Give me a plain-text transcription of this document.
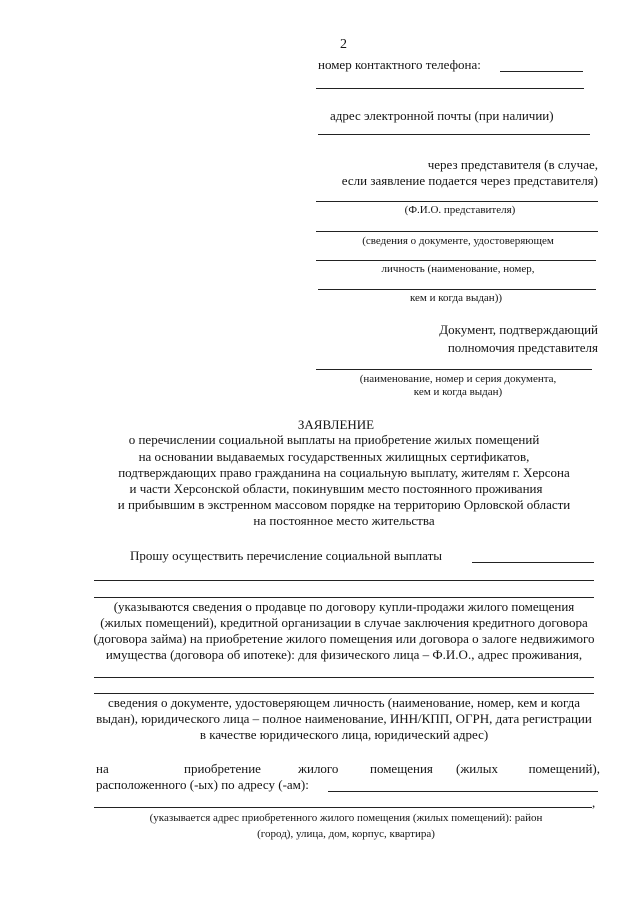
2
номер контактного телефона:
адрес электронной почты (при наличии)
через представителя (в случае,
если заявление подается через представителя)
(Ф.И.О. представителя)
(сведения о документе, удостоверяющем
личность (наименование, номер,
кем и когда выдан))
Документ, подтверждающий
полномочия представителя
(наименование, номер и серия документа,
кем и когда выдан)
ЗАЯВЛЕНИЕ
о перечислении социальной выплаты на приобретение жилых помещений
на основании выдаваемых государственных жилищных сертификатов,
подтверждающих право гражданина на социальную выплату, жителям г. Херсона
и части Херсонской области, покинувшим место постоянного проживания
и прибывшим в экстренном массовом порядке на территорию Орловской области
на постоянное место жительства
Прошу осуществить перечисление социальной выплаты
(указываются сведения о продавце по договору купли-продажи жилого помещения
(жилых помещений), кредитной организации в случае заключения кредитного договора
(договора займа) на приобретение жилого помещения или договора о залоге недвижимого
имущества (договора об ипотеке): для физического лица – Ф.И.О., адрес проживания,
сведения о документе, удостоверяющем личность (наименование, номер, кем и когда
выдан), юридического лица – полное наименование, ИНН/КПП, ОГРН, дата регистрации
в качестве юридического лица, юридический адрес)
на	приобретение	жилого помещения (жилых помещений),
расположенного (-ых) по адресу (-ам):
,
(указывается адрес приобретенного жилого помещения (жилых помещений): район
(город), улица, дом, корпус, квартира)
